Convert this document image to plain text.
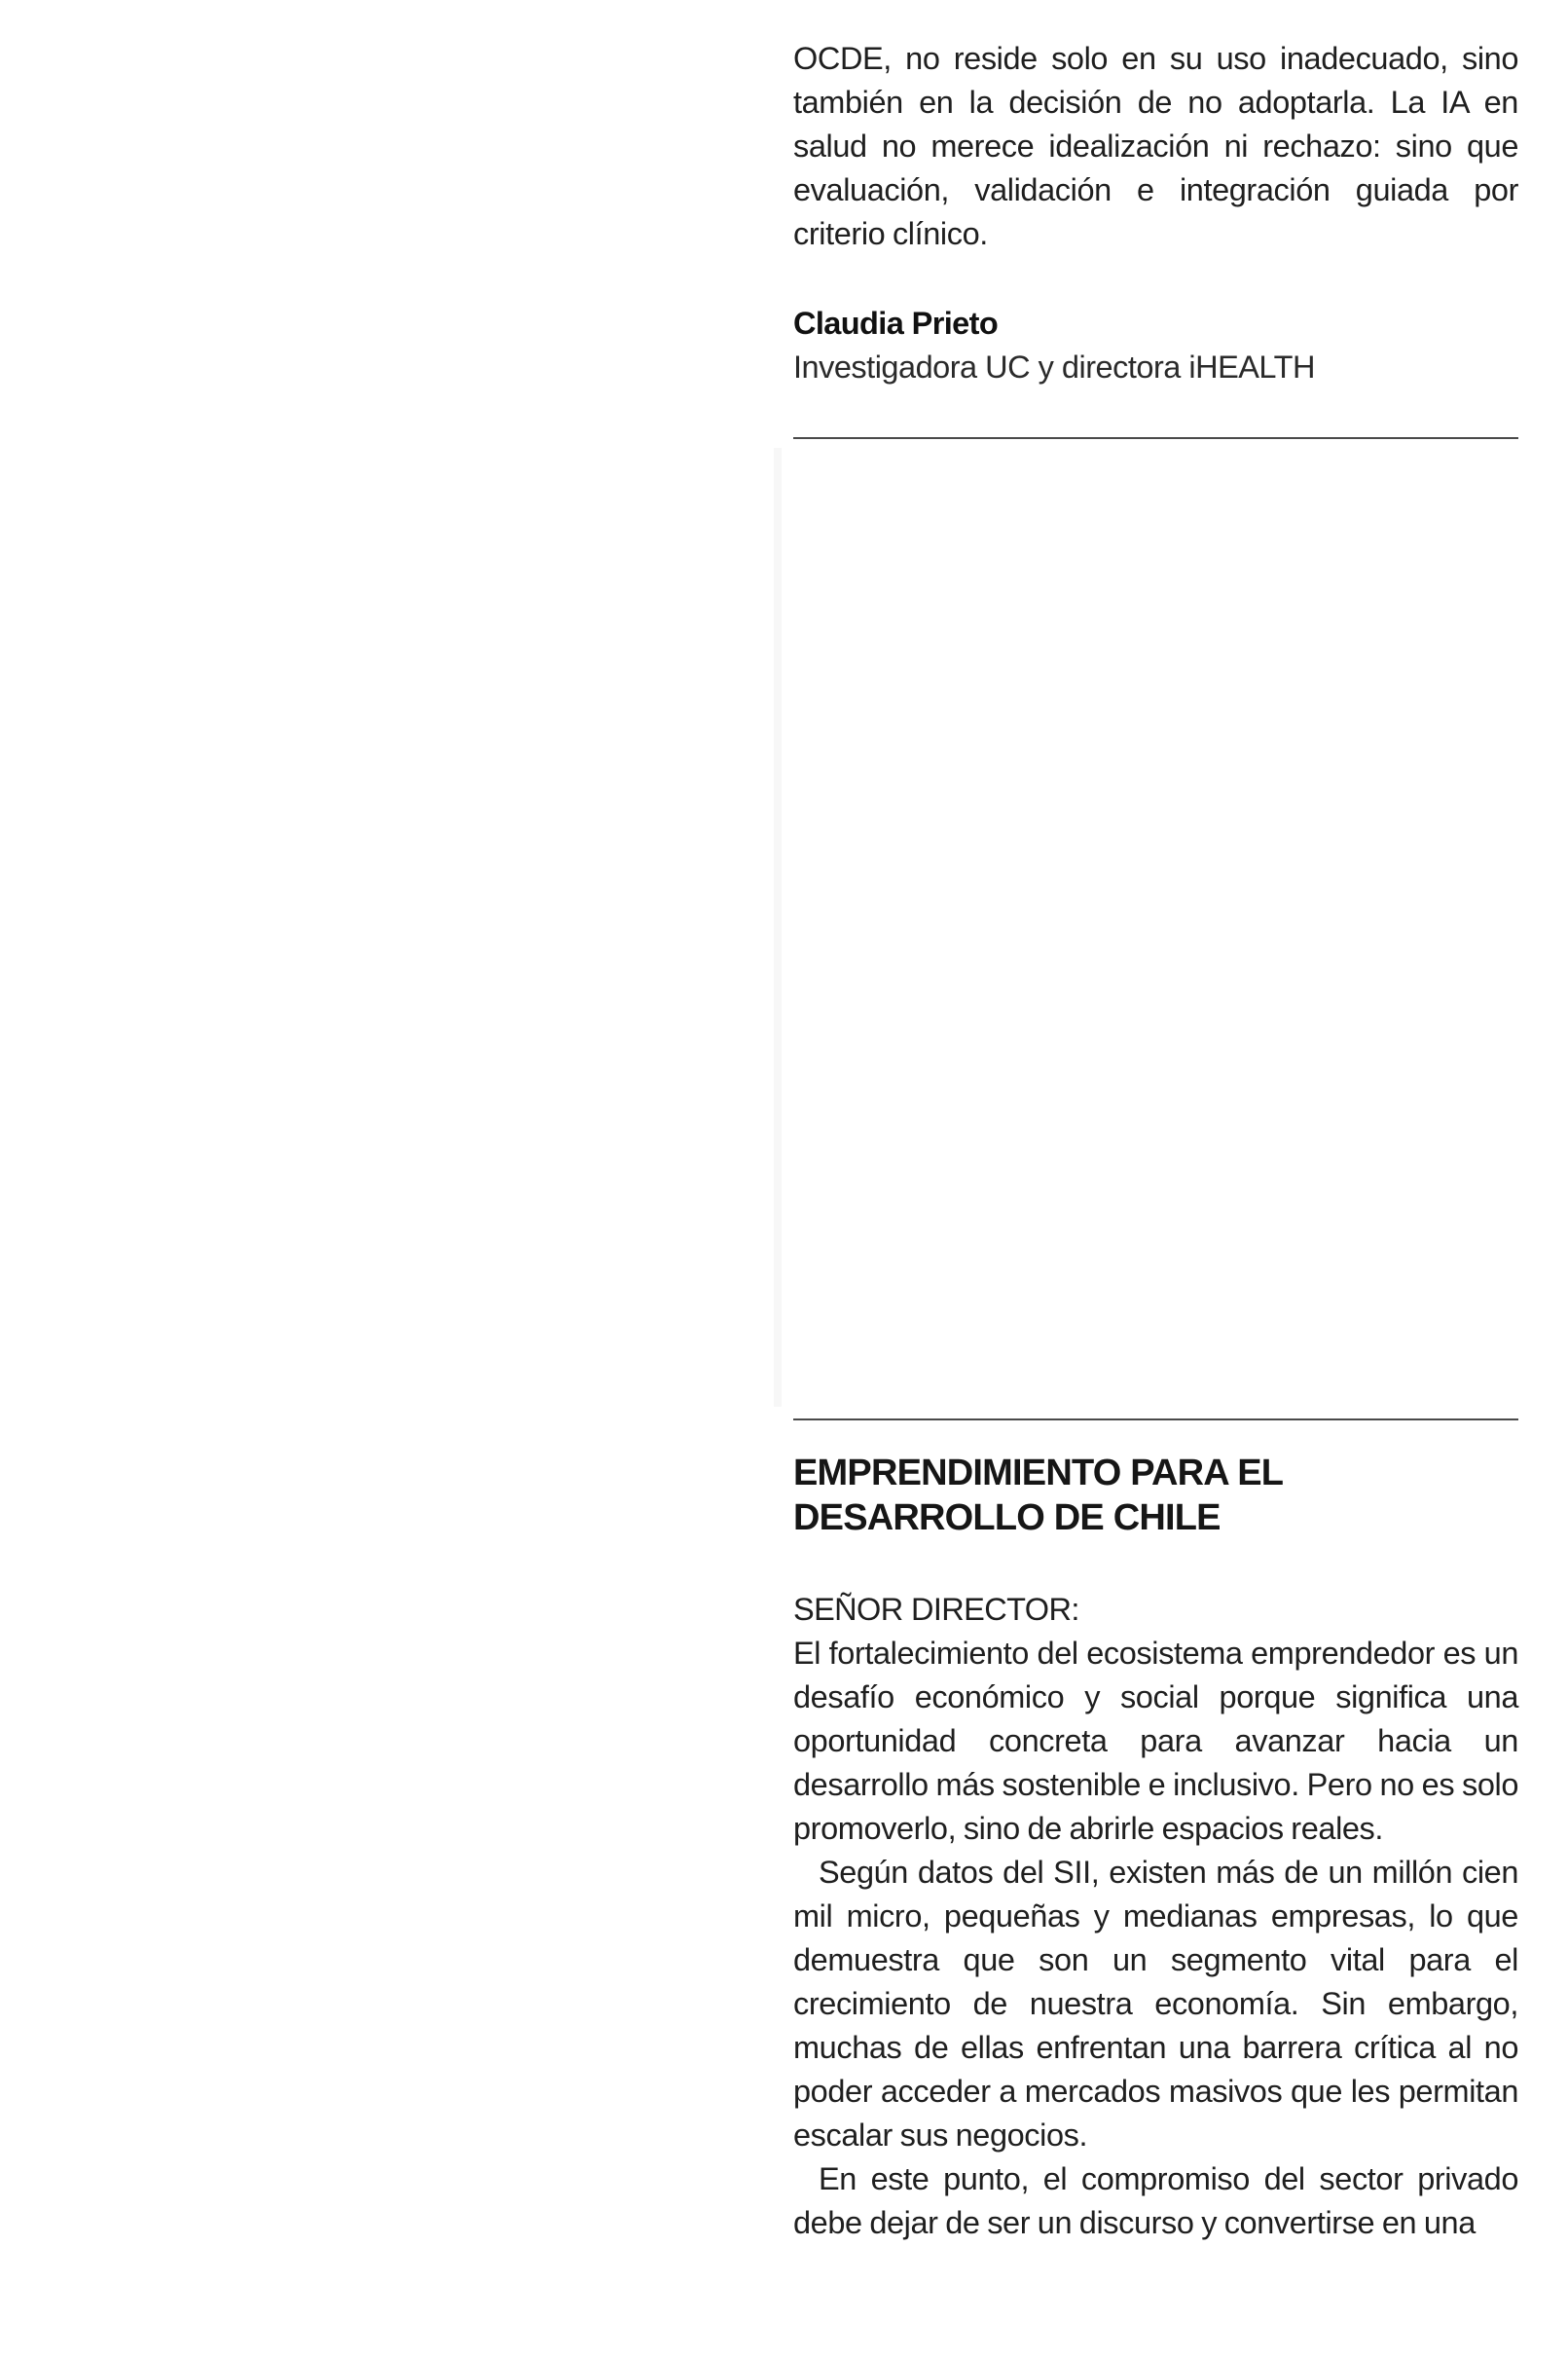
OCDE, no reside solo en su uso inadecuado, sino también en la decisión de no adoptarla. La IA en salud no merece idealización ni rechazo: sino que evaluación, validación e integración guiada por criterio clínico.

Claudia Prieto

Investigadora UC y directora iHEALTH

EMPRENDIMIENTO PARA EL
DESARROLLO DE CHILE

SEÑOR DIRECTOR:

El fortalecimiento del ecosistema emprendedor es un desafío económico y social porque significa una oportunidad concreta para avanzar hacia un desarrollo más sostenible e inclusivo. Pero no es solo promoverlo, sino de abrirle espacios reales.

Según datos del SII, existen más de un millón cien mil micro, pequeñas y medianas empresas, lo que demuestra que son un segmento vital para el crecimiento de nuestra economía. Sin embargo, muchas de ellas enfrentan una barrera crítica al no poder acceder a mercados masivos que les permitan escalar sus negocios.

En este punto, el compromiso del sector privado debe dejar de ser un discurso y convertirse en una
